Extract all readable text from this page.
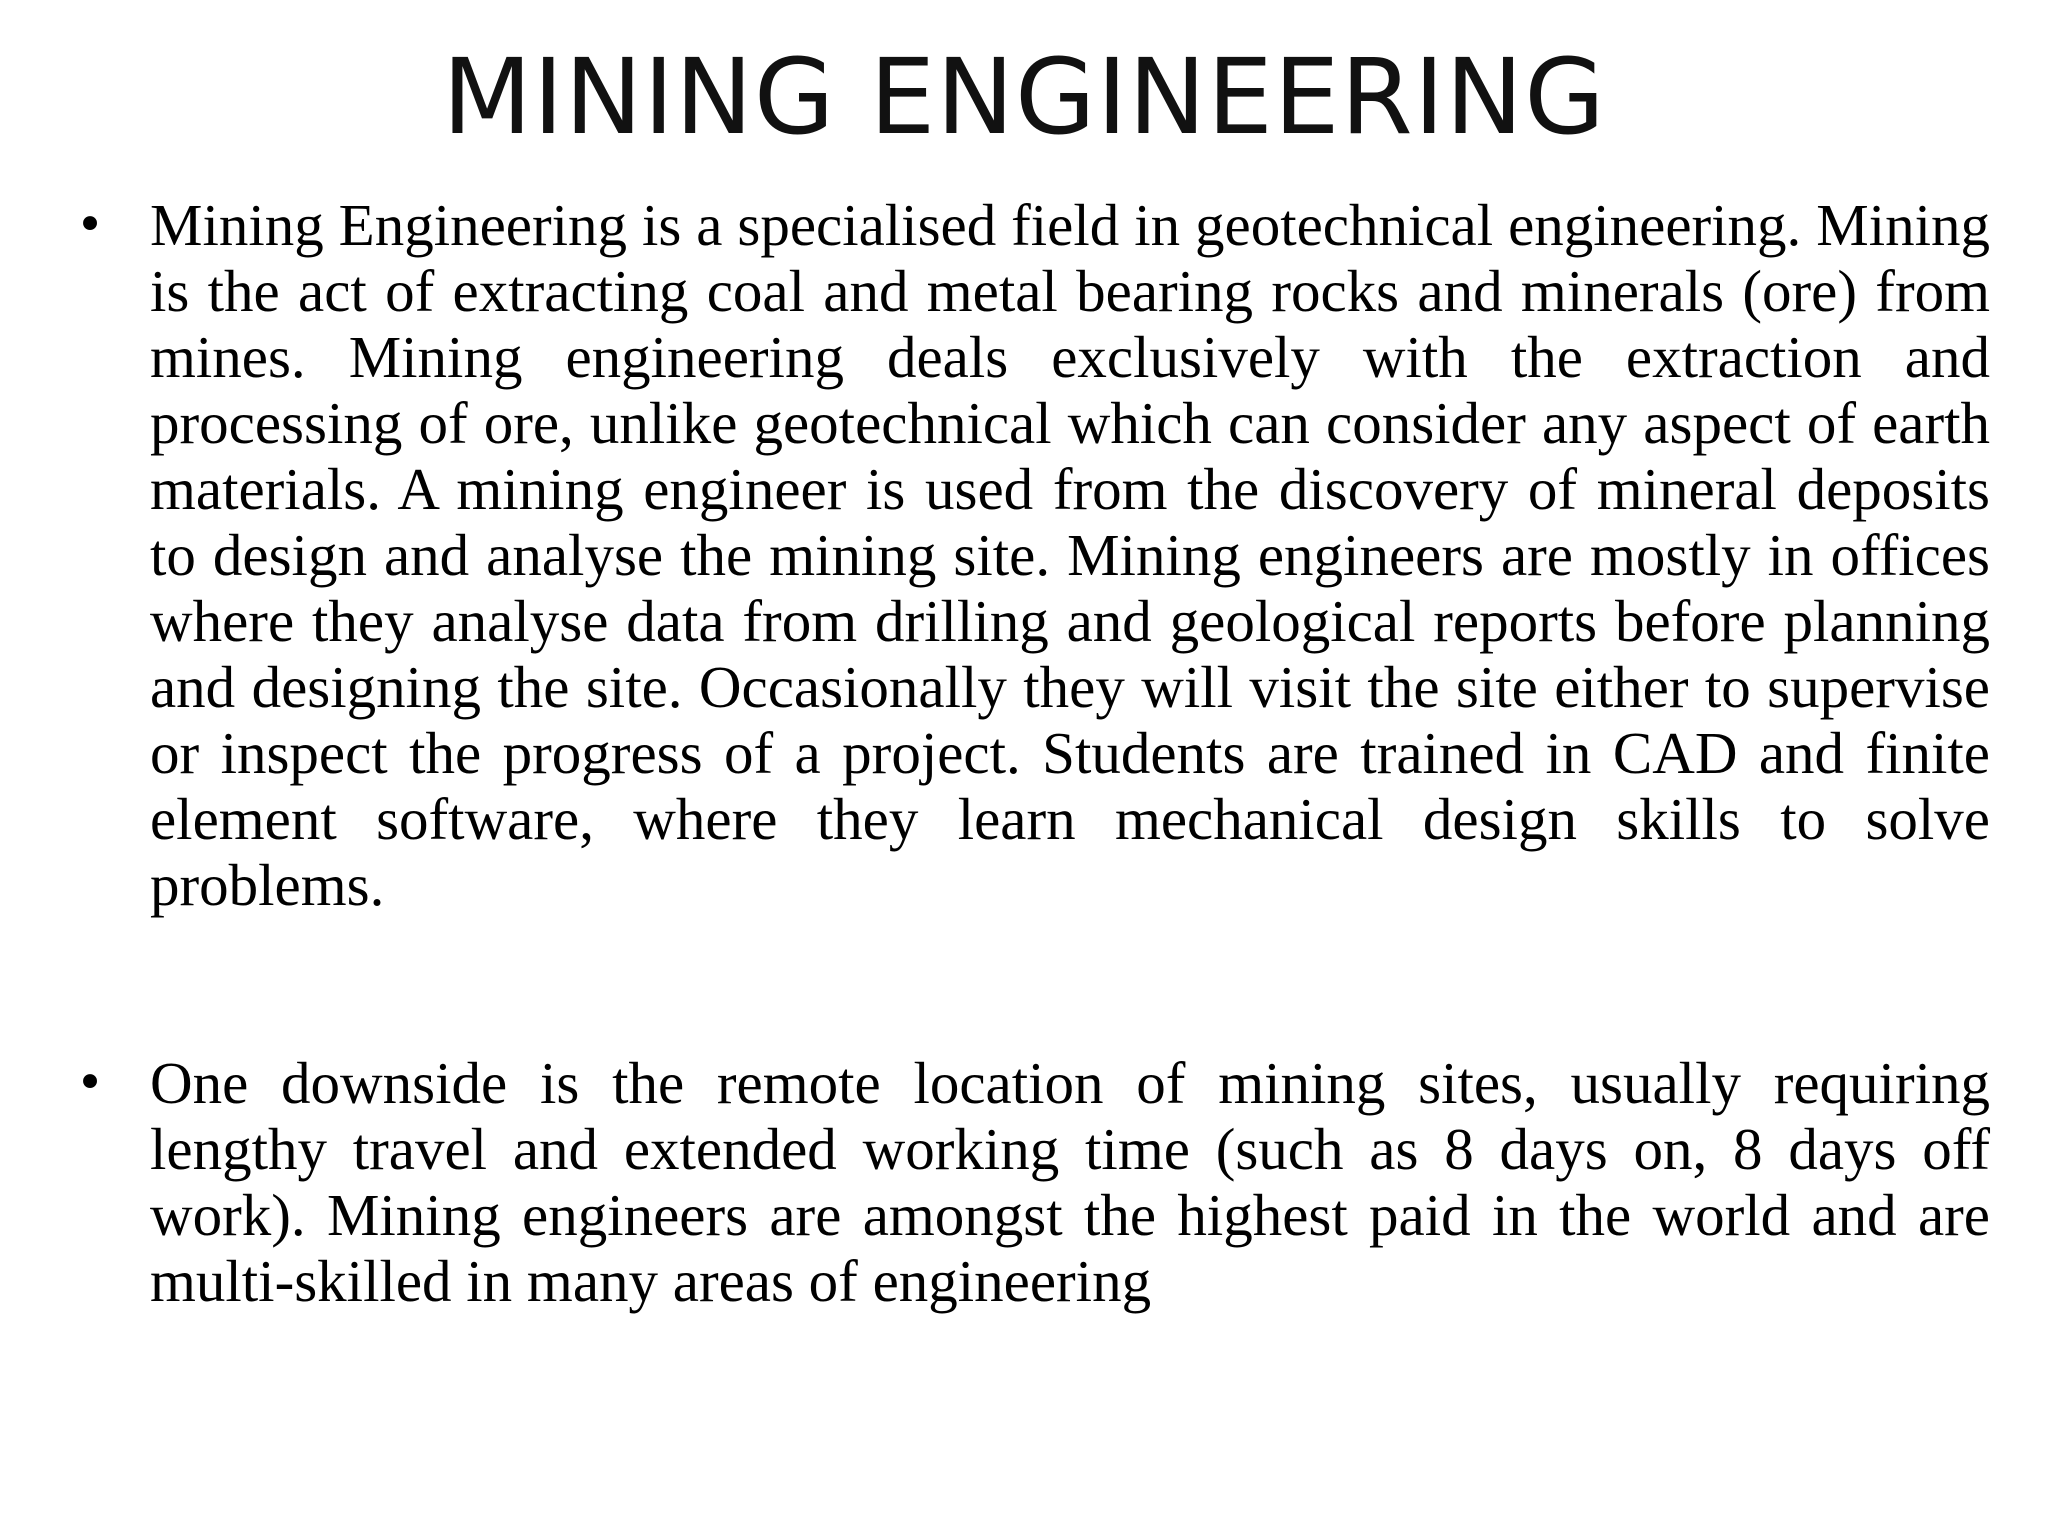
MINING ENGINEERING
• Mining Engineering is a specialised field in geotechnical engineering. Mining is the act of extracting coal and metal bearing rocks and minerals (ore) from mines. Mining engineering deals exclusively with the extraction and processing of ore, unlike geotechnical which can consider any aspect of earth materials. A mining engineer is used from the discovery of mineral deposits to design and analyse the mining site. Mining engineers are mostly in offices where they analyse data from drilling and geological reports before planning and designing the site. Occasionally they will visit the site either to supervise or inspect the progress of a project. Students are trained in CAD and finite element software, where they learn mechanical design skills to solve problems.
• One downside is the remote location of mining sites, usually requiring lengthy travel and extended working time (such as 8 days on, 8 days off work). Mining engineers are amongst the highest paid in the world and are multi-skilled in many areas of engineering
